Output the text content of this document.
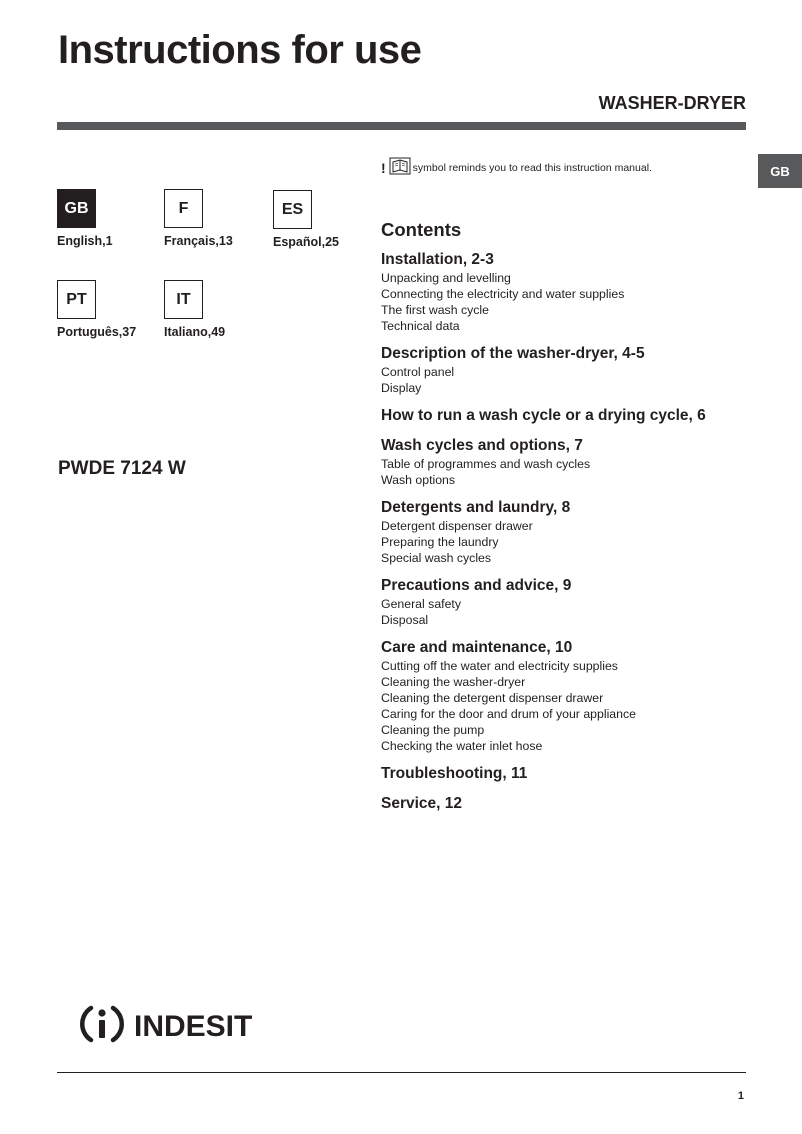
Instructions for use
WASHER-DRYER
GB
!	symbol reminds you to read this instruction manual.
GB
English,1
F
Français,13
ES
Español,25
PT
Português,37
IT
Italiano,49
PWDE 7124 W
Contents
Installation, 2-3
Unpacking and levelling
Connecting the electricity and water supplies
The first wash cycle
Technical data
Description of the washer-dryer, 4-5
Control panel
Display
How to run a wash cycle or a drying cycle, 6
Wash cycles and options, 7
Table of programmes and wash cycles
Wash options
Detergents and laundry, 8
Detergent dispenser drawer
Preparing the laundry
Special wash cycles
Precautions and advice, 9
General safety
Disposal
Care and maintenance, 10
Cutting off the water and electricity supplies
Cleaning the washer-dryer
Cleaning the detergent dispenser drawer
Caring for the door and drum of your appliance
Cleaning the pump
Checking the water inlet hose
Troubleshooting, 11
Service, 12
INDESIT
1
